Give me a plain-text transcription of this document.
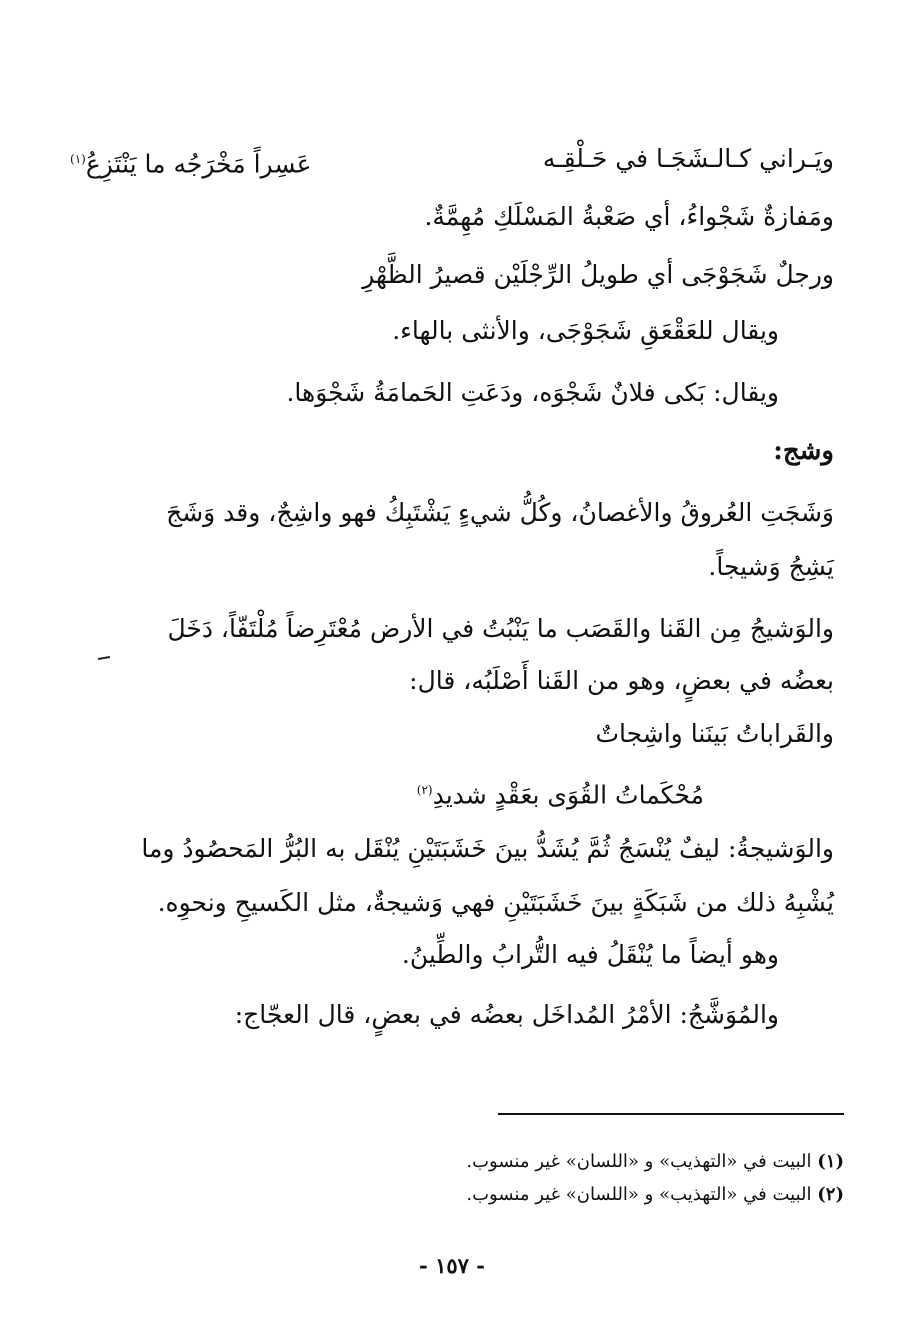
ويَـراني كـالـشَجَـا في حَـلْقِـه
عَسِراً مَخْرَجُه ما يَنْتَزِعُ$^{(١)}$
ومَفازةٌ شَجْواءُ، أي صَعْبةُ المَسْلَكِ مُهِمَّةٌ.
ورجلٌ شَجَوْجَى أي طويلُ الرِّجْلَيْن قصيرُ الظَّهْرِ
ويقال للعَقْعَقِ شَجَوْجَى، والأنثى بالهاء.
ويقال: بَكى فلانٌ شَجْوَه، ودَعَتِ الحَمامَةُ شَجْوَها.
وشج:
وَشَجَتِ العُروقُ والأغصانُ، وكُلُّ شيءٍ يَشْتَبِكُ فهو واشِجٌ، وقد وَشَجَ
يَشِجُ وَشيجاً.
والوَشيجُ مِن القَنا والقَصَب ما يَنْبُتُ في الأرض مُعْتَرِضاً مُلْتَفّاً، دَخَلَ
بعضُه في بعضٍ، وهو من القَنا أَصْلَبُه، قال:
والقَراباتُ بَينَنا واشِجاتٌ
مُحْكَماتُ القُوَى بعَقْدٍ شديدِ$^{(٢)}$
والوَشيجةُ: ليفٌ يُنْسَجُ ثُمَّ يُشَدُّ بينَ خَشَبَتَيْنِ يُنْقَل به البُرُّ المَحصُودُ وما
يُشْبِهُ ذلك من شَبَكَةٍ بينَ خَشَبَتَيْنِ فهي وَشيجةٌ، مثل الكَسيحِ ونحوِه.
وهو أيضاً ما يُنْقَلُ فيه التُّرابُ والطِّينُ.
والمُوَشَّجُ: الأمْرُ المُداخَل بعضُه في بعضٍ، قال العجّاج:
(١) البيت في «التهذيب» و «اللسان» غير منسوب.
(٢) البيت في «التهذيب» و «اللسان» غير منسوب.
- ١٥٧ -
